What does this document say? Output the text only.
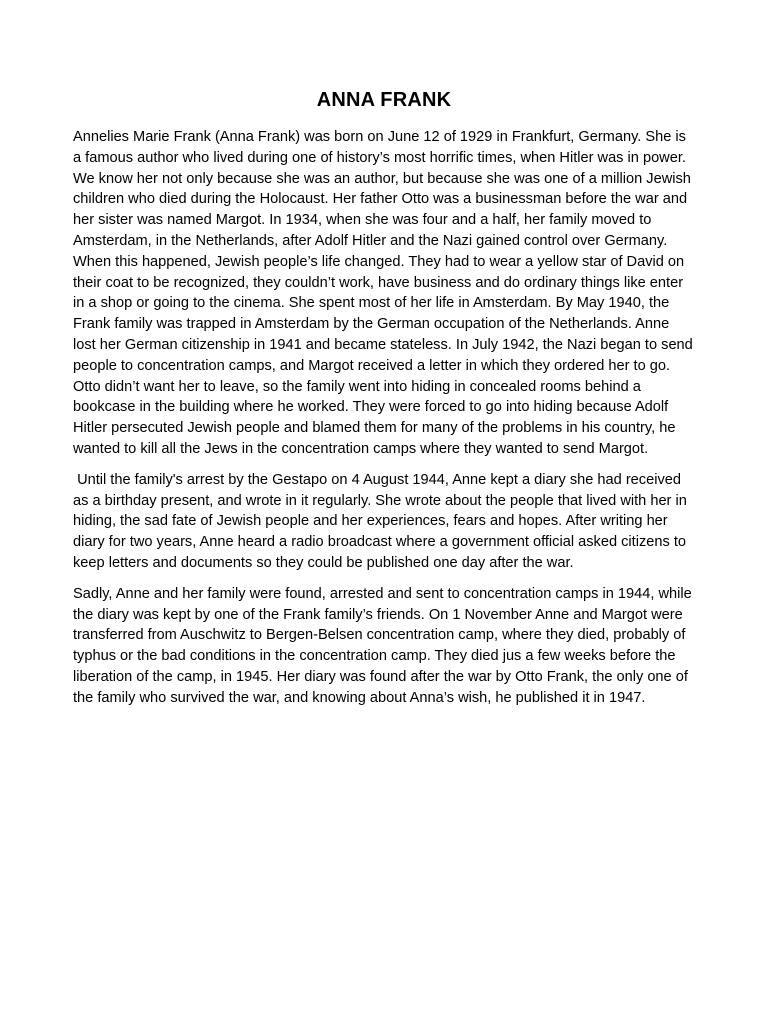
ANNA FRANK

Annelies Marie Frank (Anna Frank) was born on June 12 of 1929 in Frankfurt, Germany. She is a famous author who lived during one of history’s most horrific times, when Hitler was in power. We know her not only because she was an author, but because she was one of a million Jewish children who died during the Holocaust. Her father Otto was a businessman before the war and her sister was named Margot. In 1934, when she was four and a half, her family moved to Amsterdam, in the Netherlands, after Adolf Hitler and the Nazi gained control over Germany. When this happened, Jewish people’s life changed. They had to wear a yellow star of David on their coat to be recognized, they couldn’t work, have business and do ordinary things like enter in a shop or going to the cinema. She spent most of her life in Amsterdam. By May 1940, the Frank family was trapped in Amsterdam by the German occupation of the Netherlands. Anne lost her German citizenship in 1941 and became stateless. In July 1942, the Nazi began to send people to concentration camps, and Margot received a letter in which they ordered her to go. Otto didn’t want her to leave, so the family went into hiding in concealed rooms behind a bookcase in the building where he worked. They were forced to go into hiding because Adolf Hitler persecuted Jewish people and blamed them for many of the problems in his country, he wanted to kill all the Jews in the concentration camps where they wanted to send Margot.

Until the family's arrest by the Gestapo on 4 August 1944, Anne kept a diary she had received as a birthday present, and wrote in it regularly. She wrote about the people that lived with her in hiding, the sad fate of Jewish people and her experiences, fears and hopes. After writing her diary for two years, Anne heard a radio broadcast where a government official asked citizens to keep letters and documents so they could be published one day after the war.

Sadly, Anne and her family were found, arrested and sent to concentration camps in 1944, while the diary was kept by one of the Frank family’s friends. On 1 November Anne and Margot were transferred from Auschwitz to Bergen-Belsen concentration camp, where they died, probably of typhus or the bad conditions in the concentration camp. They died jus a few weeks before the liberation of the camp, in 1945. Her diary was found after the war by Otto Frank, the only one of the family who survived the war, and knowing about Anna’s wish, he published it in 1947.
